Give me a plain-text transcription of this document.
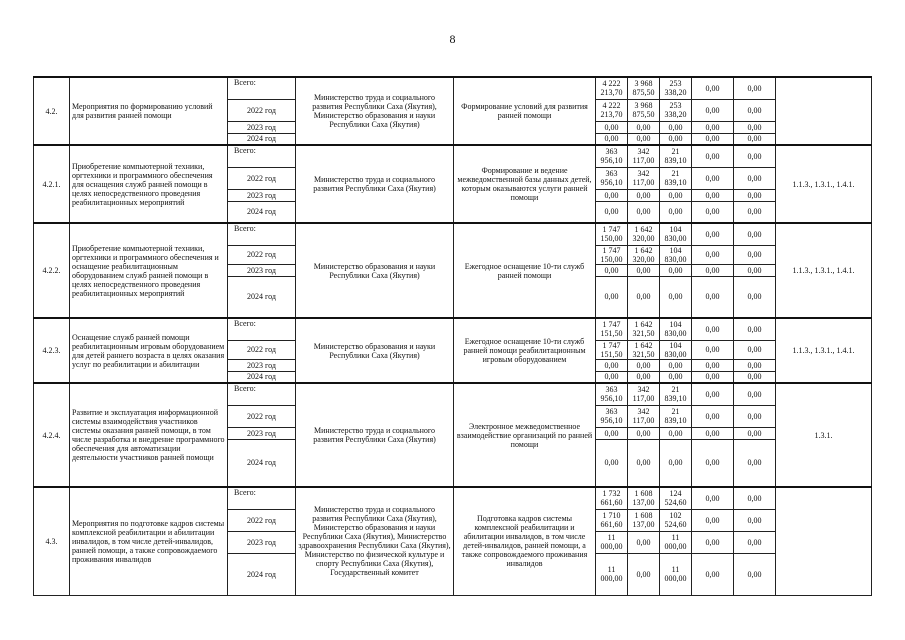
8
4.2.	Мероприятия по формированию условий для развития ранней помощи	Всего:	Министерство труда и социального развития Республики Саха (Якутия), Министерство образования и науки Республики Саха (Якутия)	Формирование условий для развития ранней помощи	4 222 213,70	3 968 875,50	253 338,20	0,00	0,00	
		2022 год			4 222 213,70	3 968 875,50	253 338,20	0,00	0,00	
		2023 год			0,00	0,00	0,00	0,00	0,00	
		2024 год			0,00	0,00	0,00	0,00	0,00	
4.2.1.	Приобретение компьютерной техники, оргтехники и программного обеспечения для оснащения служб ранней помощи в целях непосредственного проведения реабилитационных мероприятий	Всего:	Министерство труда и социального развития Республики Саха (Якутия)	Формирование и ведение межведомственной базы данных детей, которым оказываются услуги ранней помощи	363 956,10	342 117,00	21 839,10	0,00	0,00	1.1.3., 1.3.1., 1.4.1.
		2022 год			363 956,10	342 117,00	21 839,10	0,00	0,00	
		2023 год			0,00	0,00	0,00	0,00	0,00	
		2024 год			0,00	0,00	0,00	0,00	0,00	
4.2.2.	Приобретение компьютерной техники, оргтехники и программного обеспечения и оснащение реабилитационным оборудованием служб ранней помощи в целях непосредственного проведения реабилитационных мероприятий	Всего:	Министерство образования и науки Республики Саха (Якутия)	Ежегодное оснащение 10-ти служб ранней помощи	1 747 150,00	1 642 320,00	104 830,00	0,00	0,00	1.1.3., 1.3.1., 1.4.1.
		2022 год			1 747 150,00	1 642 320,00	104 830,00	0,00	0,00	
		2023 год			0,00	0,00	0,00	0,00	0,00	
		2024 год			0,00	0,00	0,00	0,00	0,00	
4.2.3.	Оснащение служб ранней помощи реабилитационным игровым оборудованием для детей раннего возраста в целях оказания услуг по реабилитации и абилитации	Всего:	Министерство образования и науки Республики Саха (Якутия)	Ежегодное оснащение 10-ти служб ранней помощи реабилитационным игровым оборудованием	1 747 151,50	1 642 321,50	104 830,00	0,00	0,00	1.1.3., 1.3.1., 1.4.1.
		2022 год			1 747 151,50	1 642 321,50	104 830,00	0,00	0,00	
		2023 год			0,00	0,00	0,00	0,00	0,00	
		2024 год			0,00	0,00	0,00	0,00	0,00	
4.2.4.	Развитие и эксплуатация информационной системы взаимодействия участников системы оказания ранней помощи, в том числе разработка и внедрение программного обеспечения для автоматизации деятельности участников ранней помощи	Всего:	Министерство труда и социального развития Республики Саха (Якутия)	Электронное межведомственное взаимодействие организаций по ранней помощи	363 956,10	342 117,00	21 839,10	0,00	0,00	1.3.1.
		2022 год			363 956,10	342 117,00	21 839,10	0,00	0,00	
		2023 год			0,00	0,00	0,00	0,00	0,00	
		2024 год			0,00	0,00	0,00	0,00	0,00	
4.3.	Мероприятия по подготовке кадров системы комплексной реабилитации и абилитации инвалидов, в том числе детей-инвалидов, ранней помощи, а также сопровождаемого проживания инвалидов	Всего:	Министерство труда и социального развития Республики Саха (Якутия), Министерство образования и науки Республики Саха (Якутия), Министерство здравоохранения Республики Саха (Якутия), Министерство по физической культуре и спорту Республики Саха (Якутия), Государственный комитет	Подготовка кадров системы комплексной реабилитации и абилитации инвалидов, в том числе детей-инвалидов, ранней помощи, а также сопровождаемого проживания инвалидов	1 732 661,60	1 608 137,00	124 524,60	0,00	0,00	
		2022 год			1 710 661,60	1 608 137,00	102 524,60	0,00	0,00	
		2023 год			11 000,00	0,00	11 000,00	0,00	0,00	
		2024 год			11 000,00	0,00	11 000,00	0,00	0,00	
